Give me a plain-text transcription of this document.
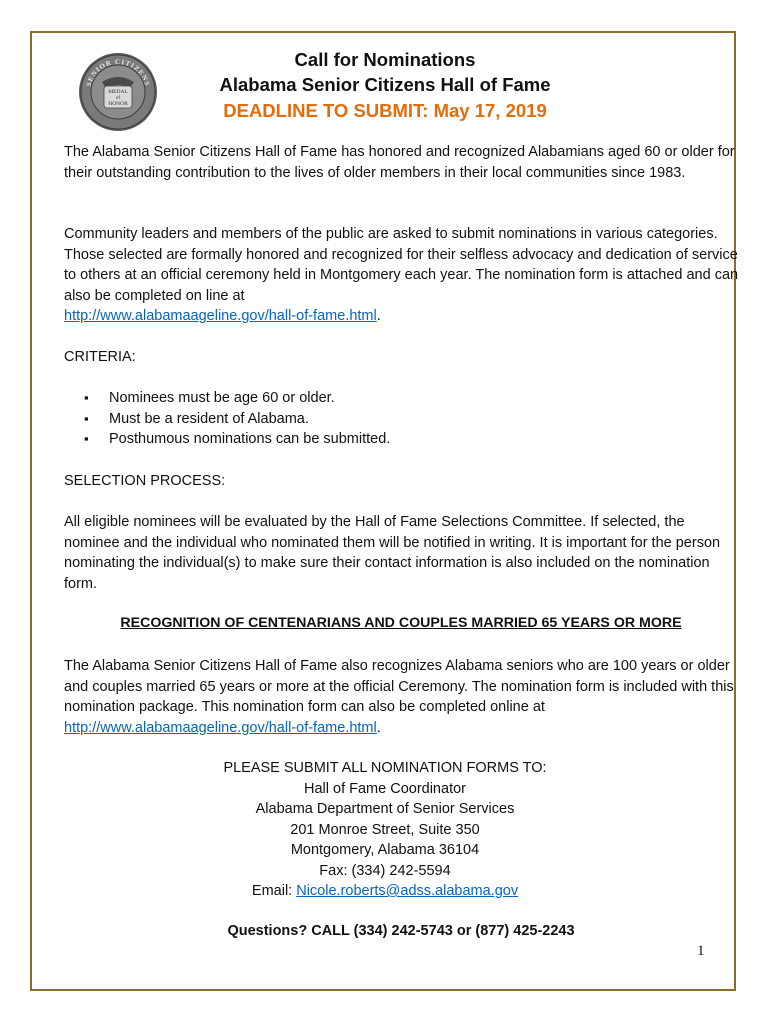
SENIOR CITIZENS
MEDAL
of
HONOR
Call for Nominations
Alabama Senior Citizens Hall of Fame
DEADLINE TO SUBMIT: May 17, 2019

The Alabama Senior Citizens Hall of Fame has honored and recognized Alabamians aged 60 or older for their outstanding contribution to the lives of older members in their local communities since 1983.

Community leaders and members of the public are asked to submit nominations in various categories. Those selected are formally honored and recognized for their selfless advocacy and dedication of service to others at an official ceremony held in Montgomery each year. The nomination form is attached and can also be completed on line at
http://www.alabamaageline.gov/hall-of-fame.html.

CRITERIA:
▪ Nominees must be age 60 or older.
▪ Must be a resident of Alabama.
▪ Posthumous nominations can be submitted.
SELECTION PROCESS:

All eligible nominees will be evaluated by the Hall of Fame Selections Committee. If selected, the nominee and the individual who nominated them will be notified in writing. It is important for the person nominating the individual(s) to make sure their contact information is also included on the nomination form.

RECOGNITION OF CENTENARIANS AND COUPLES MARRIED 65 YEARS OR MORE

The Alabama Senior Citizens Hall of Fame also recognizes Alabama seniors who are 100 years or older and couples married 65 years or more at the official Ceremony. The nomination form is included with this nomination package. This nomination form can also be completed online at
http://www.alabamaageline.gov/hall-of-fame.html.

PLEASE SUBMIT ALL NOMINATION FORMS TO:
Hall of Fame Coordinator
Alabama Department of Senior Services
201 Monroe Street, Suite 350
Montgomery, Alabama 36104
Fax: (334) 242-5594
Email: Nicole.roberts@adss.alabama.gov
Questions? CALL (334) 242-5743 or (877) 425-2243
1
